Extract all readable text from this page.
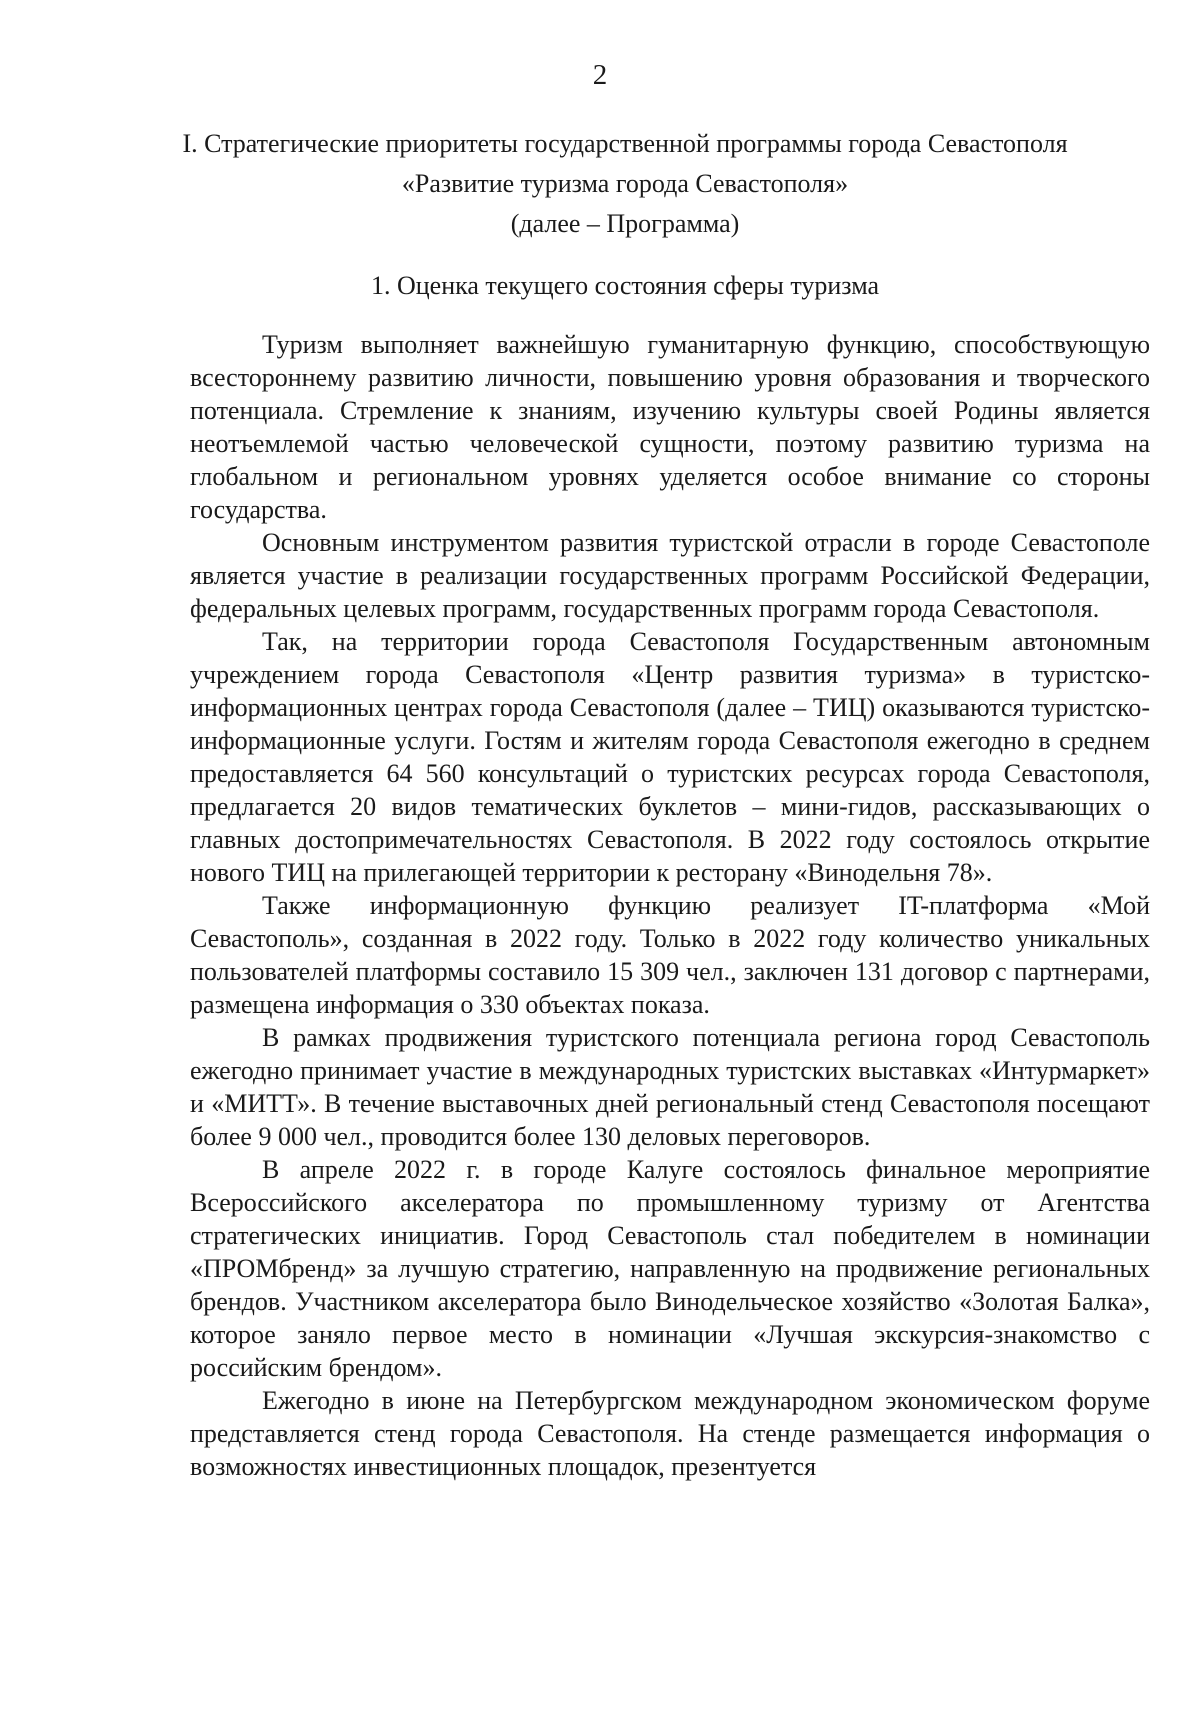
2
I. Стратегические приоритеты государственной программы города Севастополя
«Развитие туризма города Севастополя»
(далее – Программа)
1. Оценка текущего состояния сферы туризма

Туризм выполняет важнейшую гуманитарную функцию, способствующую всестороннему развитию личности, повышению уровня образования и творческого потенциала. Стремление к знаниям, изучению культуры своей Родины является неотъемлемой частью человеческой сущности, поэтому развитию туризма на глобальном и региональном уровнях уделяется особое внимание со стороны государства.

Основным инструментом развития туристской отрасли в городе Севастополе является участие в реализации государственных программ Российской Федерации, федеральных целевых программ, государственных программ города Севастополя.

Так, на территории города Севастополя Государственным автономным учреждением города Севастополя «Центр развития туризма» в туристско-информационных центрах города Севастополя (далее – ТИЦ) оказываются туристско-информационные услуги. Гостям и жителям города Севастополя ежегодно в среднем предоставляется 64 560 консультаций о туристских ресурсах города Севастополя, предлагается 20 видов тематических буклетов – мини-гидов, рассказывающих о главных достопримечательностях Севастополя. В 2022 году состоялось открытие нового ТИЦ на прилегающей территории к ресторану «Винодельня 78».

Также информационную функцию реализует IT-платформа «Мой Севастополь», созданная в 2022 году. Только в 2022 году количество уникальных пользователей платформы составило 15 309 чел., заключен 131 договор с партнерами, размещена информация о 330 объектах показа.

В рамках продвижения туристского потенциала региона город Севастополь ежегодно принимает участие в международных туристских выставках «Интурмаркет» и «МИТТ». В течение выставочных дней региональный стенд Севастополя посещают более 9 000 чел., проводится более 130 деловых переговоров.

В апреле 2022 г. в городе Калуге состоялось финальное мероприятие Всероссийского акселератора по промышленному туризму от Агентства стратегических инициатив. Город Севастополь стал победителем в номинации «ПРОМбренд» за лучшую стратегию, направленную на продвижение региональных брендов. Участником акселератора было Винодельческое хозяйство «Золотая Балка», которое заняло первое место в номинации «Лучшая экскурсия-знакомство с российским брендом».

Ежегодно в июне на Петербургском международном экономическом форуме представляется стенд города Севастополя. На стенде размещается информация о возможностях инвестиционных площадок, презентуется
